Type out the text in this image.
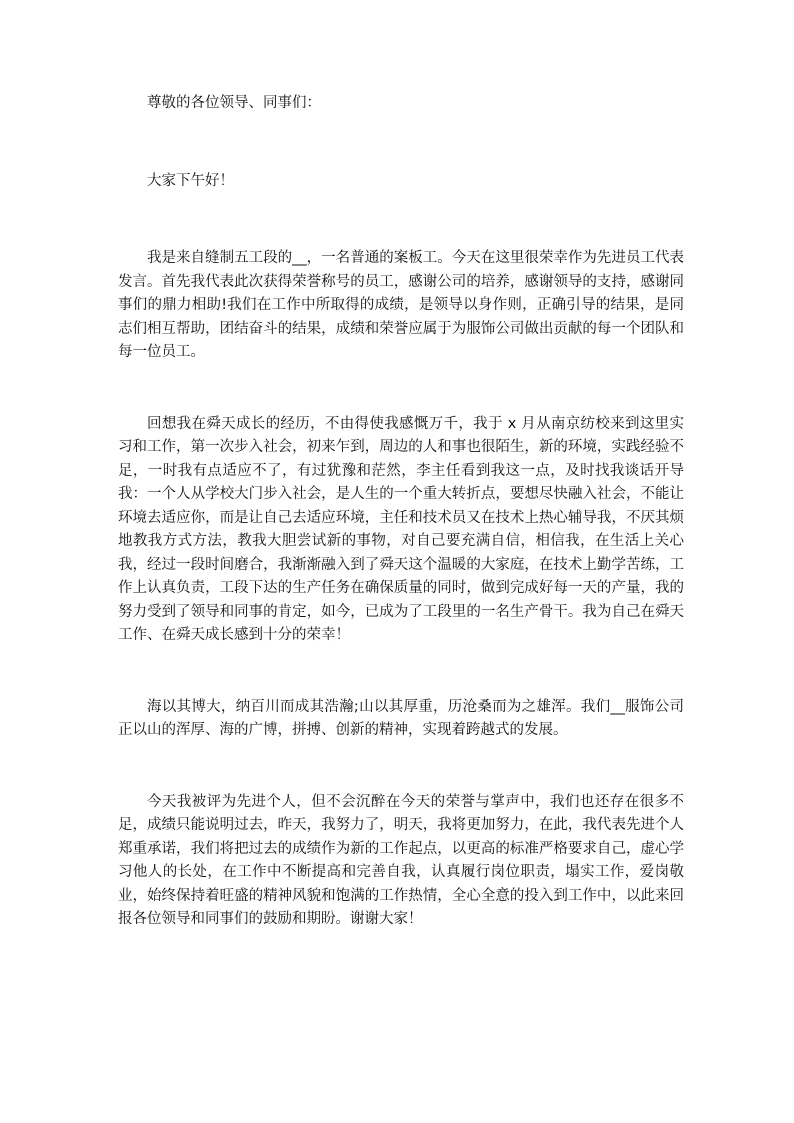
尊敬的各位领导、同事们：

大家下午好！

我是来自缝制五工段的__，一名普通的案板工。今天在这里很荣幸作为先进员工代表发言。首先我代表此次获得荣誉称号的员工，感谢公司的培养，感谢领导的支持，感谢同事们的鼎力相助!我们在工作中所取得的成绩，是领导以身作则，正确引导的结果，是同志们相互帮助，团结奋斗的结果，成绩和荣誉应属于为服饰公司做出贡献的每一个团队和每一位员工。

回想我在舜天成长的经历，不由得使我感慨万千，我于 x 月从南京纺校来到这里实习和工作，第一次步入社会，初来乍到，周边的人和事也很陌生，新的环境，实践经验不足，一时我有点适应不了，有过犹豫和茫然，李主任看到我这一点，及时找我谈话开导我：一个人从学校大门步入社会，是人生的一个重大转折点，要想尽快融入社会，不能让环境去适应你，而是让自己去适应环境，主任和技术员又在技术上热心辅导我，不厌其烦地教我方式方法，教我大胆尝试新的事物，对自己要充满自信，相信我，在生活上关心我，经过一段时间磨合，我渐渐融入到了舜天这个温暖的大家庭，在技术上勤学苦练，工作上认真负责，工段下达的生产任务在确保质量的同时，做到完成好每一天的产量，我的努力受到了领导和同事的肯定，如今，已成为了工段里的一名生产骨干。我为自己在舜天工作、在舜天成长感到十分的荣幸！

海以其博大，纳百川而成其浩瀚;山以其厚重，历沧桑而为之雄浑。我们__服饰公司正以山的浑厚、海的广博，拼搏、创新的精神，实现着跨越式的发展。

今天我被评为先进个人，但不会沉醉在今天的荣誉与掌声中，我们也还存在很多不足，成绩只能说明过去，昨天，我努力了，明天，我将更加努力，在此，我代表先进个人郑重承诺，我们将把过去的成绩作为新的工作起点，以更高的标准严格要求自己，虚心学习他人的长处，在工作中不断提高和完善自我，认真履行岗位职责，塌实工作，爱岗敬业，始终保持着旺盛的精神风貌和饱满的工作热情，全心全意的投入到工作中，以此来回报各位领导和同事们的鼓励和期盼。谢谢大家！
